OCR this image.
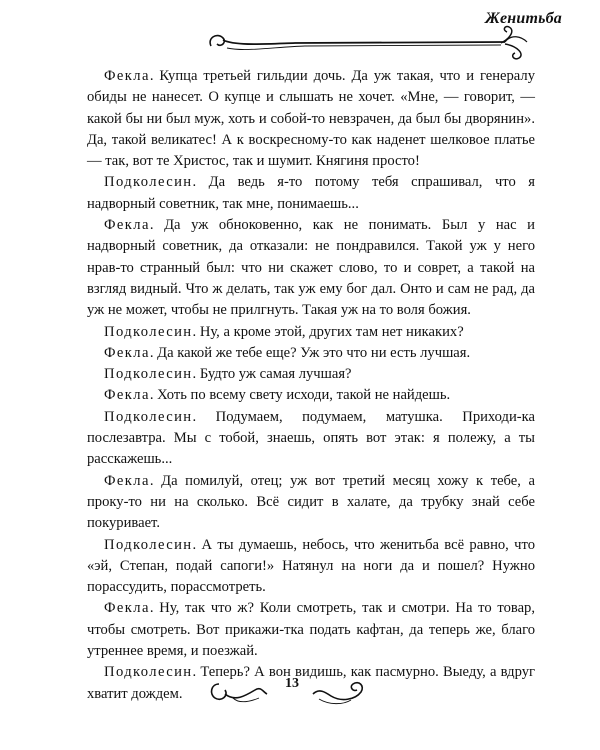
Женитьба

Фекла. Купца третьей гильдии дочь. Да уж такая, что и генералу обиды не нанесет. О купце и слышать не хочет. «Мне, — говорит, — какой бы ни был муж, хоть и собой-то невзрачен, да был бы дворянин». Да, такой великатес! А к воскресному-то как наденет шелковое платье — так, вот те Христос, так и шумит. Княгиня просто!

Подколесин. Да ведь я-то потому тебя спрашивал, что я надворный советник, так мне, понимаешь...

Фекла. Да уж обноковенно, как не понимать. Был у нас и надворный советник, да отказали: не пондравился. Такой уж у него нрав-то странный был: что ни скажет слово, то и соврет, а такой на взгляд видный. Что ж делать, так уж ему бог дал. Онто и сам не рад, да уж не может, чтобы не прилгнуть. Такая уж на то воля божия.

Подколесин. Ну, а кроме этой, других там нет никаких?

Фекла. Да какой же тебе еще? Уж это что ни есть лучшая.

Подколесин. Будто уж самая лучшая?

Фекла. Хоть по всему свету исходи, такой не найдешь.

Подколесин. Подумаем, подумаем, матушка. Приходи-ка послезавтра. Мы с тобой, знаешь, опять вот этак: я полежу, а ты расскажешь...

Фекла. Да помилуй, отец; уж вот третий месяц хожу к тебе, а проку-то ни на сколько. Всё сидит в халате, да трубку знай себе покуривает.

Подколесин. А ты думаешь, небось, что женитьба всё равно, что «эй, Степан, подай сапоги!» Натянул на ноги да и пошел? Нужно порассудить, порассмотреть.

Фекла. Ну, так что ж? Коли смотреть, так и смотри. На то товар, чтобы смотреть. Вот прикажи-тка подать кафтан, да теперь же, благо утреннее время, и поезжай.

Подколесин. Теперь? А вон видишь, как пасмурно. Выеду, а вдруг хватит дождем.

13
